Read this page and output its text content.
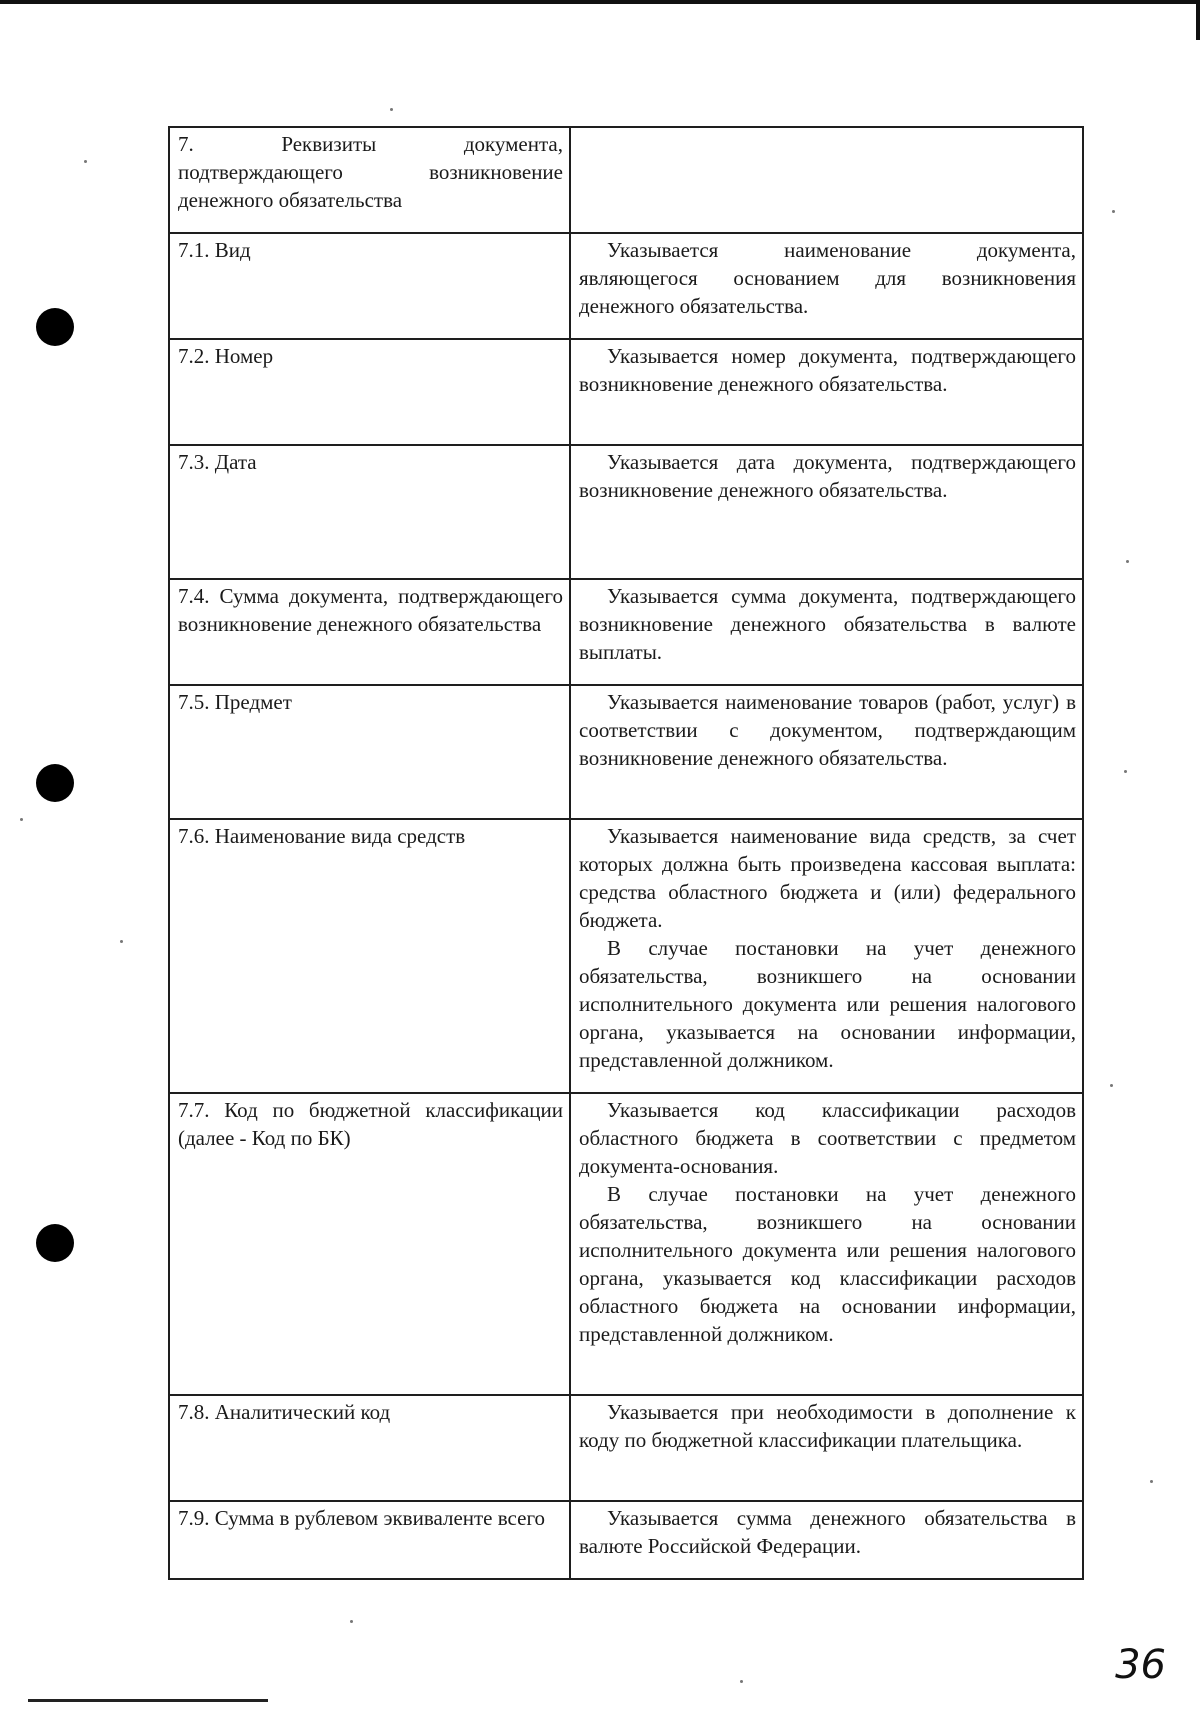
7. Реквизиты документа, подтверждающего возникновение денежного обязательства	

7.1. Вид	Указывается наименование документа, являющегося основанием для возникновения денежного обязательства.

7.2. Номер	Указывается номер документа, подтверждающего возникновение денежного обязательства.

7.3. Дата	Указывается дата документа, подтверждающего возникновение денежного обязательства.

7.4. Сумма документа, подтверждающего возникновение денежного обязательства	Указывается сумма документа, подтверждающего возникновение денежного обязательства в валюте выплаты.

7.5. Предмет	Указывается наименование товаров (работ, услуг) в соответствии с документом, подтверждающим возникновение денежного обязательства.

7.6. Наименование вида средств	Указывается наименование вида средств, за счет которых должна быть произведена кассовая выплата: средства областного бюджета и (или) федерального бюджета.

В случае постановки на учет денежного обязательства, возникшего на основании исполнительного документа или решения налогового органа, указывается на основании информации, представленной должником.

7.7. Код по бюджетной классификации (далее - Код по БК)	Указывается код классификации расходов областного бюджета в соответствии с предметом документа-основания.

В случае постановки на учет денежного обязательства, возникшего на основании исполнительного документа или решения налогового органа, указывается код классификации расходов областного бюджета на основании информации, представленной должником.

7.8. Аналитический код	Указывается при необходимости в дополнение к коду по бюджетной классификации плательщика.

7.9. Сумма в рублевом эквиваленте всего	Указывается сумма денежного обязательства в валюте Российской Федерации.

36
